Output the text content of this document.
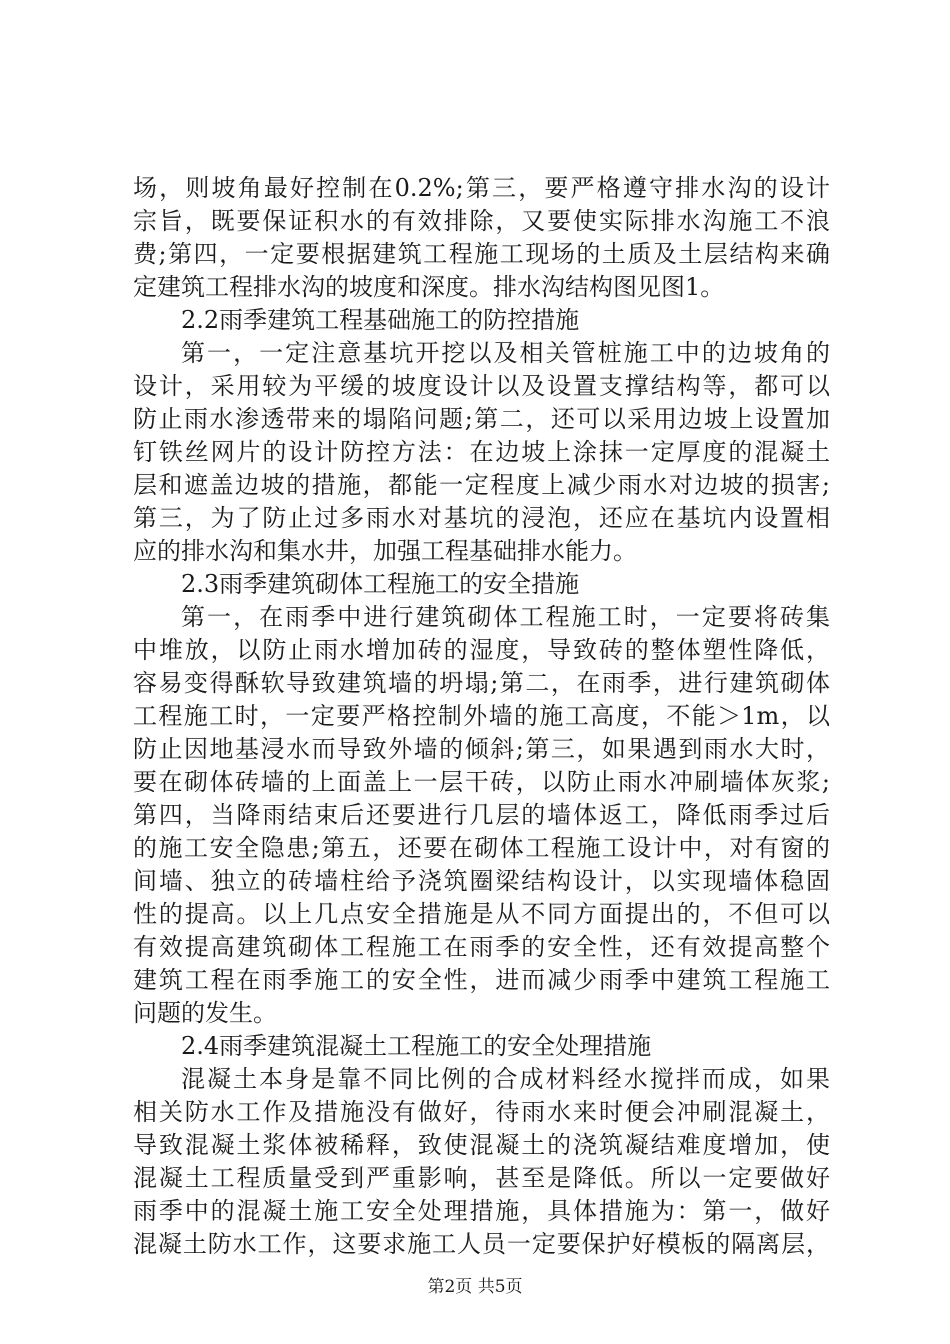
场，则坡角最好控制在0.2%;第三，要严格遵守排水沟的设计
宗旨，既要保证积水的有效排除，又要使实际排水沟施工不浪
费;第四，一定要根据建筑工程施工现场的土质及土层结构来确
定建筑工程排水沟的坡度和深度。排水沟结构图见图1。
2.2雨季建筑工程基础施工的防控措施
第一，一定注意基坑开挖以及相关管桩施工中的边坡角的
设计，采用较为平缓的坡度设计以及设置支撑结构等，都可以
防止雨水渗透带来的塌陷问题;第二，还可以采用边坡上设置加
钉铁丝网片的设计防控方法：在边坡上涂抹一定厚度的混凝土
层和遮盖边坡的措施，都能一定程度上减少雨水对边坡的损害;
第三，为了防止过多雨水对基坑的浸泡，还应在基坑内设置相
应的排水沟和集水井，加强工程基础排水能力。
2.3雨季建筑砌体工程施工的安全措施
第一，在雨季中进行建筑砌体工程施工时，一定要将砖集
中堆放，以防止雨水增加砖的湿度，导致砖的整体塑性降低，
容易变得酥软导致建筑墙的坍塌;第二，在雨季，进行建筑砌体
工程施工时，一定要严格控制外墙的施工高度，不能＞1m，以
防止因地基浸水而导致外墙的倾斜;第三，如果遇到雨水大时，
要在砌体砖墙的上面盖上一层干砖，以防止雨水冲刷墙体灰浆;
第四，当降雨结束后还要进行几层的墙体返工，降低雨季过后
的施工安全隐患;第五，还要在砌体工程施工设计中，对有窗的
间墙、独立的砖墙柱给予浇筑圈梁结构设计，以实现墙体稳固
性的提高。以上几点安全措施是从不同方面提出的，不但可以
有效提高建筑砌体工程施工在雨季的安全性，还有效提高整个
建筑工程在雨季施工的安全性，进而减少雨季中建筑工程施工
问题的发生。
2.4雨季建筑混凝土工程施工的安全处理措施
混凝土本身是靠不同比例的合成材料经水搅拌而成，如果
相关防水工作及措施没有做好，待雨水来时便会冲刷混凝土，
导致混凝土浆体被稀释，致使混凝土的浇筑凝结难度增加，使
混凝土工程质量受到严重影响，甚至是降低。所以一定要做好
雨季中的混凝土施工安全处理措施，具体措施为：第一，做好
混凝土防水工作，这要求施工人员一定要保护好模板的隔离层，
第2页 共5页
